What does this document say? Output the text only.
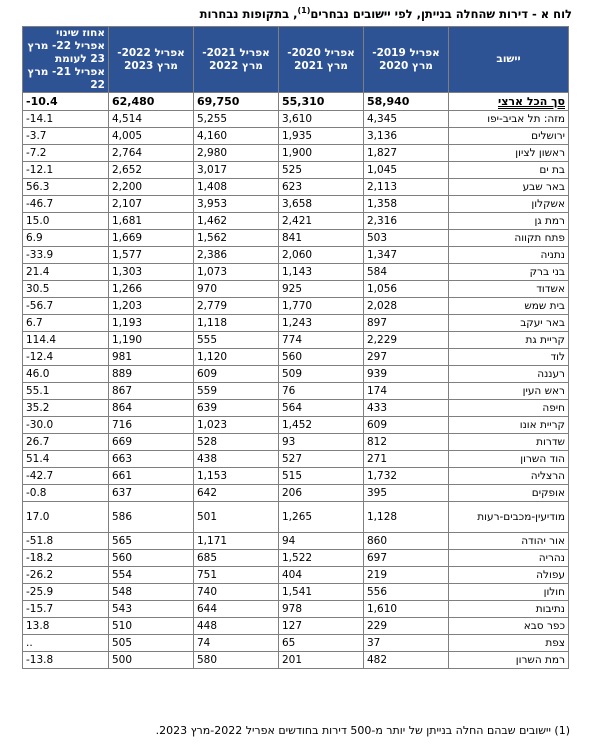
לוח א - דירות שהחלה בנייתן, לפי יישובים נבחרים$^{(1)}$, בתקופות נבחרות
יישוב	אפריל 2019- מרץ 2020	אפריל 2020- מרץ 2021	אפריל 2021- מרץ 2022	אפריל 2022- מרץ 2023	אחוז שינוי אפריל 22- מרץ 23 לעומת אפריל 21- מרץ 22
סך הכל ארצי	58,940	55,310	69,750	62,480	-10.4
מזה: תל אביב-יפו	4,345	3,610	5,255	4,514	-14.1
ירושלים	3,136	1,935	4,160	4,005	-3.7
ראשון לציון	1,827	1,900	2,980	2,764	-7.2
בת ים	1,045	525	3,017	2,652	-12.1
באר שבע	2,113	623	1,408	2,200	56.3
אשקלון	1,358	3,658	3,953	2,107	-46.7
רמת גן	2,316	2,421	1,462	1,681	15.0
פתח תקווה	503	841	1,562	1,669	6.9
נתניה	1,347	2,060	2,386	1,577	-33.9
בני ברק	584	1,143	1,073	1,303	21.4
אשדוד	1,056	925	970	1,266	30.5
בית שמש	2,028	1,770	2,779	1,203	-56.7
באר יעקב	897	1,243	1,118	1,193	6.7
קריית גת	2,229	774	555	1,190	114.4
לוד	297	560	1,120	981	-12.4
רעננה	939	509	609	889	46.0
ראש העין	174	76	559	867	55.1
חיפה	433	564	639	864	35.2
קריית אונו	609	1,452	1,023	716	-30.0
שדרות	812	93	528	669	26.7
הוד השרון	271	527	438	663	51.4
הרצליה	1,732	515	1,153	661	-42.7
אופקים	395	206	642	637	-0.8
מודיעין-מכבים-רעות	1,128	1,265	501	586	17.0
אור יהודה	860	94	1,171	565	-51.8
נהריה	697	1,522	685	560	-18.2
עפולה	219	404	751	554	-26.2
חולון	556	1,541	740	548	-25.9
נתיבות	1,610	978	644	543	-15.7
כפר סבא	229	127	448	510	13.8
צפת	37	65	74	505	..
רמת השרון	482	201	580	500	-13.8
(1) יישובים שבהם החלה בנייתן של יותר מ-500 דירות בחודשים אפריל 2022-מרץ 2023.
